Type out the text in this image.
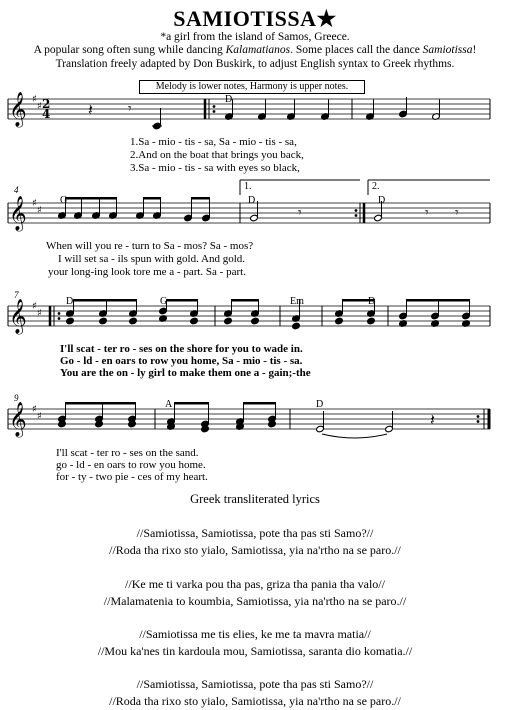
SAMIOTISSA★
*a girl from the island of Samos, Greece.
A popular song often sung while dancing Kalamatianos. Some places call the dance Samiotissa!
Translation freely adapted by Don Buskirk, to adjust English syntax to Greek rhythms.
Melody is lower notes, Harmony is upper notes.
𝄞 ♯
♯
𝄞 ♯
♯
𝄞 ♯
♯
𝄞 ♯
♯
2
4 𝄽	𝄾
𝄾	𝄾 𝄾
𝄽
4
7
9
D
G	D	D
D	G	Em	D
A	D
1.	2.
1.Sa - mio - tis - sa, Sa - mio - tis - sa,
2.And on the boat that brings you back,
3.Sa - mio - tis - sa with eyes so black,
When will you re - turn to Sa - mos? Sa - mos?
I will set sa - ils spun with gold. And gold.
your long-ing look tore me a - part. Sa - part.
I'll scat - ter ro - ses on the shore for you to wade in.
Go - ld - en oars to row you home, Sa - mio - tis - sa.
You are the on - ly girl to make them one a - gain;-the
I'll scat - ter ro - ses on the sand.
go - ld - en oars to row you home.
for - ty - two pie - ces of my heart.
Greek transliterated lyrics
//Samiotissa, Samiotissa, pote tha pas sti Samo?//
//Roda tha rixo sto yialo, Samiotissa, yia na'rtho na se paro.//
//Ke me ti varka pou tha pas, griza tha pania tha valo//
//Malamatenia to koumbia, Samiotissa, yia na'rtho na se paro.//
//Samiotissa me tis elies, ke me ta mavra matia//
//Mou ka'nes tin kardoula mou, Samiotissa, saranta dio komatia.//
//Samiotissa, Samiotissa, pote tha pas sti Samo?//
//Roda tha rixo sto yialo, Samiotissa, yia na'rtho na se paro.//
